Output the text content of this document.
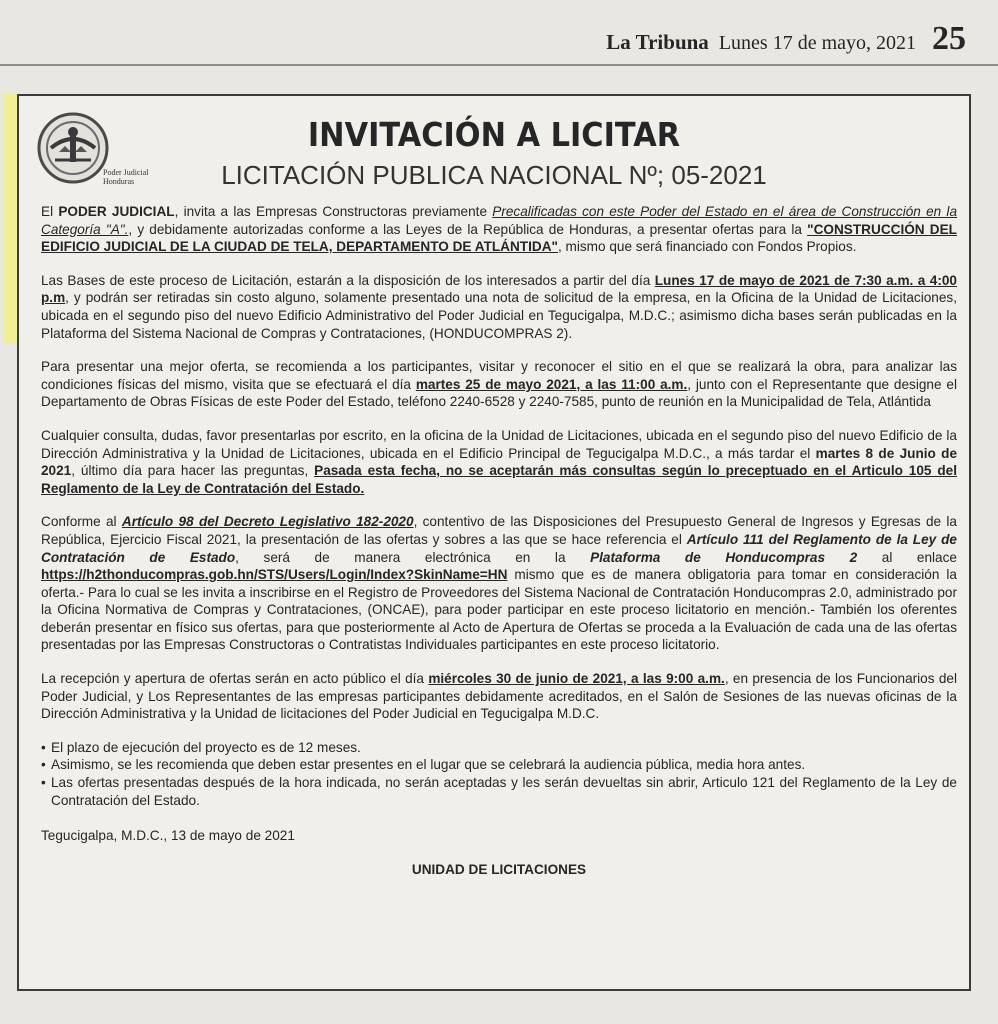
La Tribuna Lunes 17 de mayo, 2021 25
Poder Judicial
Honduras
INVITACIÓN A LICITAR
LICITACIÓN PUBLICA NACIONAL Nº; 05-2021

El PODER JUDICIAL, invita a las Empresas Constructoras previamente Precalificadas con este Poder del Estado en el área de Construcción en la Categoría "A"., y debidamente autorizadas conforme a las Leyes de la República de Honduras, a presentar ofertas para la "CONSTRUCCIÓN DEL EDIFICIO JUDICIAL DE LA CIUDAD DE TELA, DEPARTAMENTO DE ATLÁNTIDA", mismo que será financiado con Fondos Propios.

Las Bases de este proceso de Licitación, estarán a la disposición de los interesados a partir del día Lunes 17 de mayo de 2021 de 7:30 a.m. a 4:00 p.m, y podrán ser retiradas sin costo alguno, solamente presentado una nota de solicitud de la empresa, en la Oficina de la Unidad de Licitaciones, ubicada en el segundo piso del nuevo Edificio Administrativo del Poder Judicial en Tegucigalpa, M.D.C.; asimismo dicha bases serán publicadas en la Plataforma del Sistema Nacional de Compras y Contrataciones, (HONDUCOMPRAS 2).

Para presentar una mejor oferta, se recomienda a los participantes, visitar y reconocer el sitio en el que se realizará la obra, para analizar las condiciones físicas del mismo, visita que se efectuará el día martes 25 de mayo 2021, a las 11:00 a.m., junto con el Representante que designe el Departamento de Obras Físicas de este Poder del Estado, teléfono 2240-6528 y 2240-7585, punto de reunión en la Municipalidad de Tela, Atlántida

Cualquier consulta, dudas, favor presentarlas por escrito, en la oficina de la Unidad de Licitaciones, ubicada en el segundo piso del nuevo Edificio de la Dirección Administrativa y la Unidad de Licitaciones, ubicada en el Edificio Principal de Tegucigalpa M.D.C., a más tardar el martes 8 de Junio de 2021, último día para hacer las preguntas, Pasada esta fecha, no se aceptarán más consultas según lo preceptuado en el Articulo 105 del Reglamento de la Ley de Contratación del Estado.

Conforme al Artículo 98 del Decreto Legislativo 182-2020, contentivo de las Disposiciones del Presupuesto General de Ingresos y Egresas de la República, Ejercicio Fiscal 2021, la presentación de las ofertas y sobres a las que se hace referencia el Artículo 111 del Reglamento de la Ley de Contratación de Estado, será de manera electrónica en la Plataforma de Honducompras 2 al enlace https://h2thonducompras.gob.hn/STS/Users/Login/Index?SkinName=HN mismo que es de manera obligatoria para tomar en consideración la oferta.- Para lo cual se les invita a inscribirse en el Registro de Proveedores del Sistema Nacional de Contratación Honducompras 2.0, administrado por la Oficina Normativa de Compras y Contrataciones, (ONCAE), para poder participar en este proceso licitatorio en mención.- También los oferentes deberán presentar en físico sus ofertas, para que posteriormente al Acto de Apertura de Ofertas se proceda a la Evaluación de cada una de las ofertas presentadas por las Empresas Constructoras o Contratistas Individuales participantes en este proceso licitatorio.

La recepción y apertura de ofertas serán en acto público el día miércoles 30 de junio de 2021, a las 9:00 a.m., en presencia de los Funcionarios del Poder Judicial, y Los Representantes de las empresas participantes debidamente acreditados, en el Salón de Sesiones de las nuevas oficinas de la Dirección Administrativa y la Unidad de licitaciones del Poder Judicial en Tegucigalpa M.D.C.

• El plazo de ejecución del proyecto es de 12 meses.
• Asimismo, se les recomienda que deben estar presentes en el lugar que se celebrará la audiencia pública, media hora antes.
• Las ofertas presentadas después de la hora indicada, no serán aceptadas y les serán devueltas sin abrir, Articulo 121 del Reglamento de la Ley de Contratación del Estado.
Tegucigalpa, M.D.C., 13 de mayo de 2021
UNIDAD DE LICITACIONES
